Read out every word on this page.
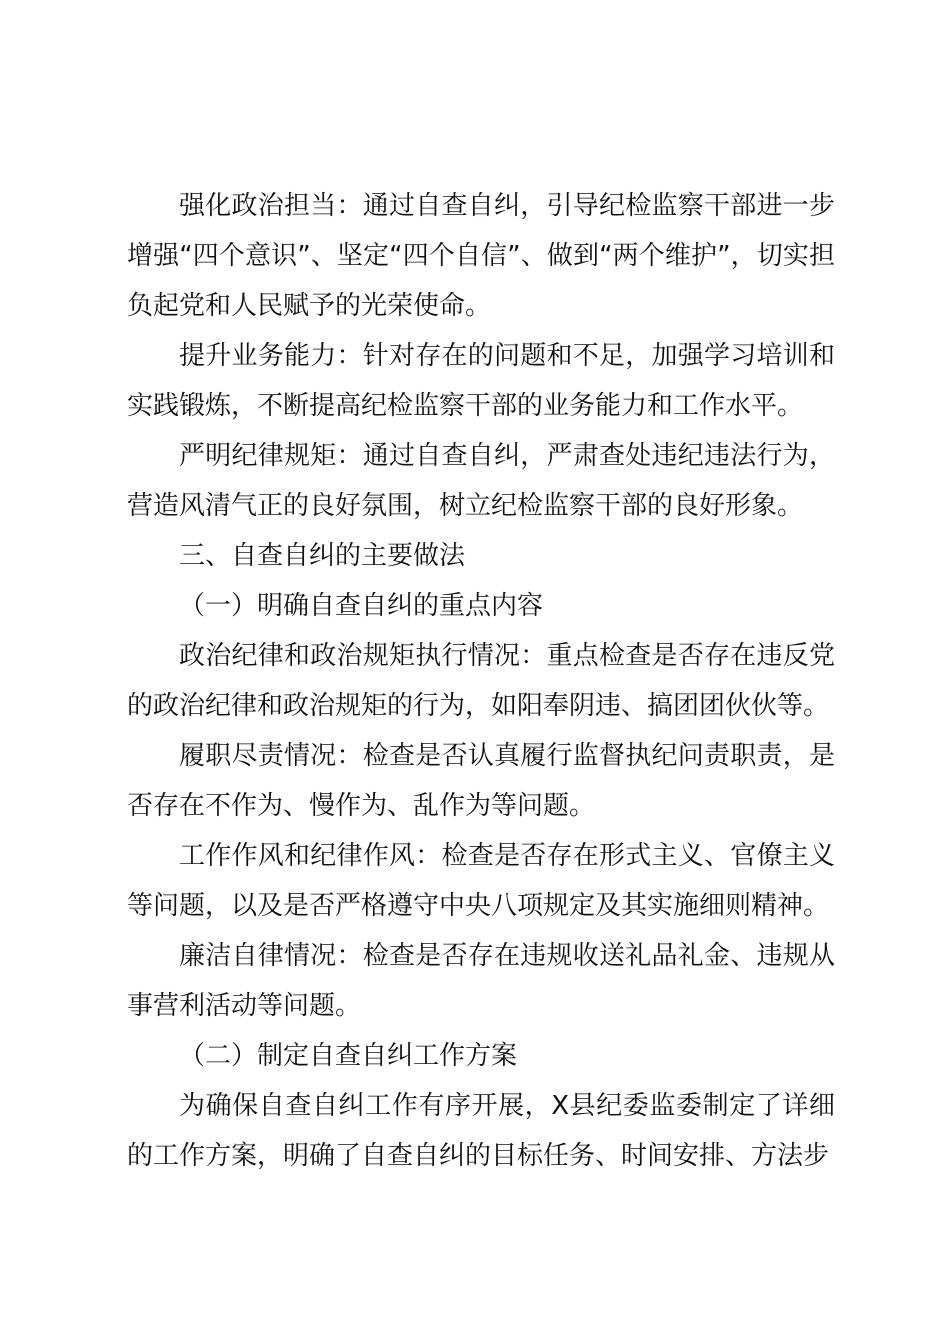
强化政治担当：通过自查自纠，引导纪检监察干部进一步增强“四个意识”、坚定“四个自信”、做到“两个维护”，切实担负起党和人民赋予的光荣使命。

提升业务能力：针对存在的问题和不足，加强学习培训和实践锻炼，不断提高纪检监察干部的业务能力和工作水平。

严明纪律规矩：通过自查自纠，严肃查处违纪违法行为，营造风清气正的良好氛围，树立纪检监察干部的良好形象。

三、自查自纠的主要做法

（一）明确自查自纠的重点内容

政治纪律和政治规矩执行情况：重点检查是否存在违反党的政治纪律和政治规矩的行为，如阳奉阴违、搞团团伙伙等。

履职尽责情况：检查是否认真履行监督执纪问责职责，是否存在不作为、慢作为、乱作为等问题。

工作作风和纪律作风：检查是否存在形式主义、官僚主义等问题，以及是否严格遵守中央八项规定及其实施细则精神。

廉洁自律情况：检查是否存在违规收送礼品礼金、违规从事营利活动等问题。

（二）制定自查自纠工作方案

为确保自查自纠工作有序开展，X县纪委监委制定了详细的工作方案，明确了自查自纠的目标任务、时间安排、方法步
